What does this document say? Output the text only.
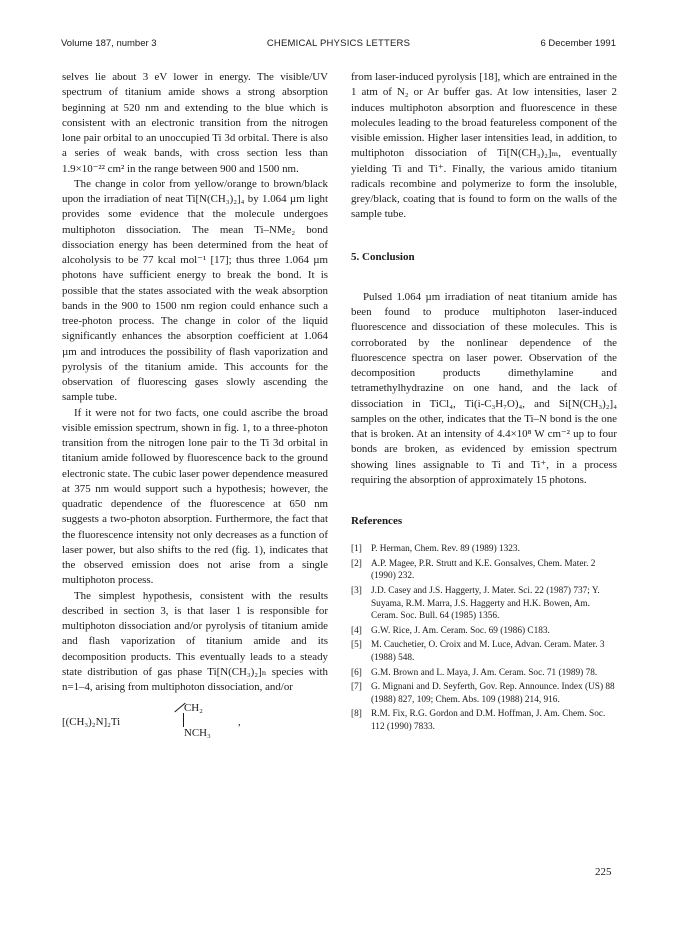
Volume 187, number 3	CHEMICAL PHYSICS LETTERS	6 December 1991

selves lie about 3 eV lower in energy. The visible/UV spectrum of titanium amide shows a strong absorption beginning at 520 nm and extending to the blue which is consistent with an electronic transition from the nitrogen lone pair orbital to an unoccupied Ti 3d orbital. There is also a series of weak bands, with cross section less than 1.9×10⁻²² cm² in the range between 900 and 1500 nm.

The change in color from yellow/orange to brown/black upon the irradiation of neat Ti[N(CH₃)₂]₄ by 1.064 µm light provides some evidence that the molecule undergoes multiphoton dissociation. The mean Ti–NMe₂ bond dissociation energy has been determined from the heat of alcoholysis to be 77 kcal mol⁻¹ [17]; thus three 1.064 µm photons have sufficient energy to break the bond. It is possible that the states associated with the weak absorption bands in the 900 to 1500 nm region could enhance such a tree-photon process. The change in color of the liquid significantly enhances the absorption coefficient at 1.064 µm and introduces the possibility of flash vaporization and pyrolysis of the titanium amide. This accounts for the observation of fluorescing gases slowly ascending the sample tube.

If it were not for two facts, one could ascribe the broad visible emission spectrum, shown in fig. 1, to a three-photon transition from the nitrogen lone pair to the Ti 3d orbital in titanium amide followed by fluorescence back to the ground electronic state. The cubic laser power dependence measured at 375 nm would support such a hypothesis; however, the quadratic dependence of the fluorescence at 650 nm suggests a two-photon absorption. Furthermore, the fact that the fluorescence intensity not only decreases as a function of laser power, but also shifts to the red (fig. 1), indicates that the observed emission does not arise from a single multiphoton process.

The simplest hypothesis, consistent with the results described in section 3, is that laser 1 is responsible for multiphoton dissociation and/or pyrolysis of titanium amide and flash vaporization of titanium amide and its decomposition products. This eventually leads to a steady state distribution of gas phase Ti[N(CH₃)₂]ₙ species with n=1–4, arising from multiphoton dissociation, and/or

[(CH₃)₂N]₂Ti
CH₂
NCH₃
,

from laser-induced pyrolysis [18], which are entrained in the 1 atm of N₂ or Ar buffer gas. At low intensities, laser 2 induces multiphoton absorption and fluorescence in these molecules leading to the broad featureless component of the visible emission. Higher laser intensities lead, in addition, to multiphoton dissociation of Ti[N(CH₃)₂]ₘ, eventually yielding Ti and Ti⁺. Finally, the various amido titanium radicals recombine and polymerize to form the insoluble, grey/black, coating that is found to form on the walls of the sample tube.

5. Conclusion

Pulsed 1.064 µm irradiation of neat titanium amide has been found to produce multiphoton laser-induced fluorescence and dissociation of these molecules. This is corroborated by the nonlinear dependence of the fluorescence spectra on laser power. Observation of the decomposition products dimethylamine and tetramethylhydrazine on one hand, and the lack of dissociation in TiCl₄, Ti(i-C₃H₇O)₄, and Si[N(CH₃)₂]₄ samples on the other, indicates that the Ti–N bond is the one that is broken. At an intensity of 4.4×10⁸ W cm⁻² up to four bonds are broken, as evidenced by emission spectrum showing lines assignable to Ti and Ti⁺, in a process requiring the absorption of approximately 15 photons.

References
[1] P. Herman, Chem. Rev. 89 (1989) 1323.
[2] A.P. Magee, P.R. Strutt and K.E. Gonsalves, Chem. Mater. 2 (1990) 232.
[3] J.D. Casey and J.S. Haggerty, J. Mater. Sci. 22 (1987) 737; Y. Suyama, R.M. Marra, J.S. Haggerty and H.K. Bowen, Am. Ceram. Soc. Bull. 64 (1985) 1356.
[4] G.W. Rice, J. Am. Ceram. Soc. 69 (1986) C183.
[5] M. Cauchetier, O. Croix and M. Luce, Advan. Ceram. Mater. 3 (1988) 548.
[6] G.M. Brown and L. Maya, J. Am. Ceram. Soc. 71 (1989) 78.
[7] G. Mignani and D. Seyferth, Gov. Rep. Announce. Index (US) 88 (1988) 827, 109; Chem. Abs. 109 (1988) 214, 916.
[8] R.M. Fix, R.G. Gordon and D.M. Hoffman, J. Am. Chem. Soc. 112 (1990) 7833.
225
